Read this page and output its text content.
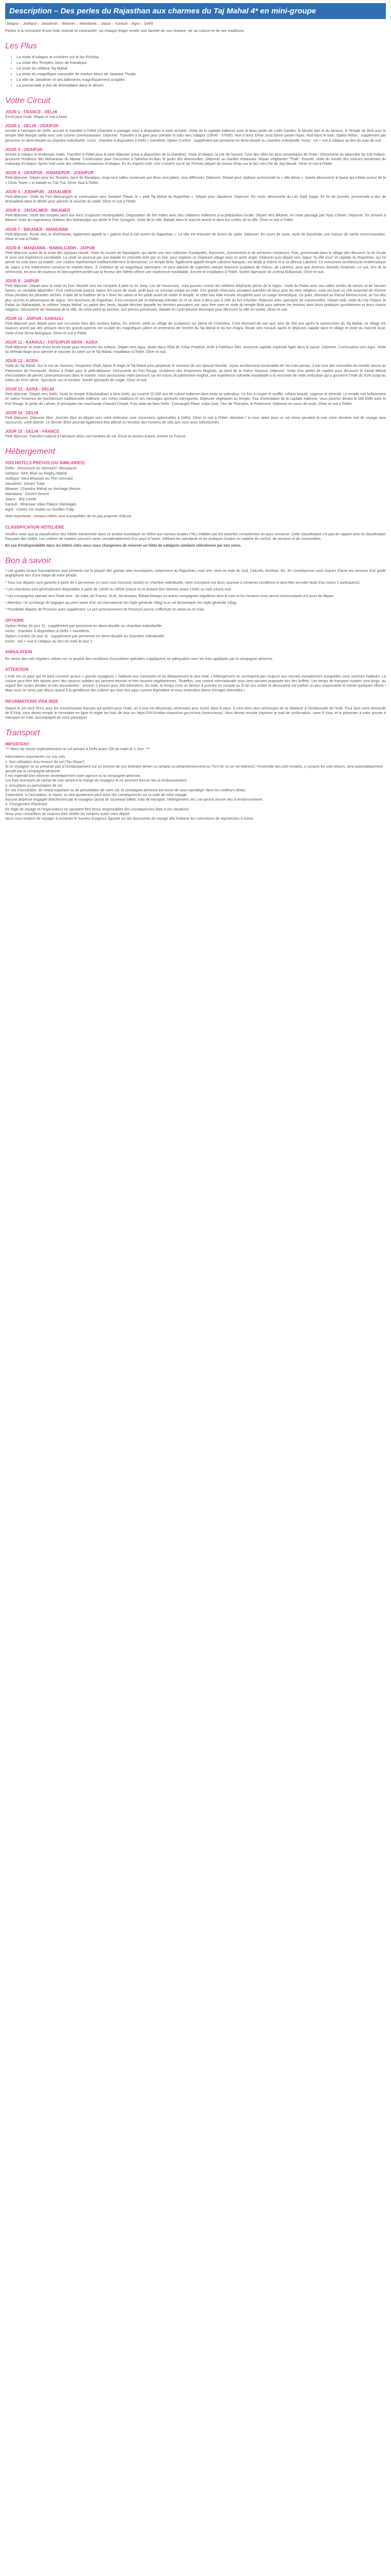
Description – Des perles du Rajasthan aux charmes du Taj Mahal 4* en mini-groupe
Udaipur – Jodhpur – Jaisalmer – Bikaner – Mandawa – Jaipur – Karauli – Agra – Delhi
Partez à la rencontre d'une Inde vivante et contrastée, où chaque étape révèle une facette de son histoire, de sa culture et de ses traditions.
Les Plus
• La visite d'Udaipur et croisière sur le lac Pichola
• La visite des Temples Jains de Ranakpur
• La visite du célèbre Taj Mahal
• La visite du magnifique mausolée de marbre blanc de Jaswant Thada
• La ville de Jaisalmer et ses bâtiments magnifiquement sculptés
• La promenade à dos de dromadaire dans le désert
Votre Circuit
JOUR 1 : FRANCE - DELHI
Envol pour l'Inde. Repas et nuit à bord.
JOUR 2 : DELHI - UDAIPUR
Arrivée à l'aéroport de Delhi, accueil et transfert à l'hôtel (chambre à partager mise à disposition à votre arrivée). Visite de la capitale indienne avec le beau jardin de Lodhi Garden, le Mosée dart et du fameux, le Temple de Birla puis le temple Sikh Bangla sahib avec une cuisine communautaire. Déjeuner. Transfert à la gare pour prendre le train vers Udaipur (19h40 - 07h05). Nuit à bord. Dîner sous forme panier-repas. Nuit dans le train. Option Relax : supplément par personne en demi-double ou chambre individuelle. Inclut : chambre à disposition à Delhi + transferts. Option Confort : supplément par personne en demi-double ou chambre individuelle. Inclut : vol + nuit à Udaipur au lieu du train de nuit.
JOUR 3 : UDAIPUR
Arrivée à Udaipur le lendemain matin. Transfert à l'hôtel pour le petit-déjeuner (mise à disposition de la chambre). Visite d'Udaipur, la cité de l'aurore, l'une des villes les plus romantiques de l'Inde ! Découverte du labyrinthe du City Palace, ancienne résidence des Maharanas du Mewar. Continuation pour l'excursion à Sahelion-Ki-Bari, le jardin des demoiselles. Déjeuner au Garden restaurant. Repas Végétarien "Thali". Ensuite, visite du musée des voitures anciennes du maharaja d'Udaipur. Après-midi visite des célèbres miniatures d'Udaipur. En fin d'après-midi, mini croisière sur le lac Pichola (départ du niveau d'eau sur le lac) vers l'île de Jag Mandir. Dîner et nuit à l'hôtel.
JOUR 4 : UDAIPUR - RANAKPUR - JODHPUR
Petit-déjeuner. Départ pour les Temples Jains de Ranakpur, vingt-neuf salles soutenues par deux cent piliers, tous différents. Déjeuner. Départ pour Jodhpur surnommée la « ville bleue ». Soirée découverte le bazar qui s'étale autour de la « Clock Tower » et balade en Tuk-Tuk. Dîner. Nuit à l'hôtel.
JOUR 5 : JODHPUR - JAISALMER
Petit-déjeuner. Visite du Fort Mehrangarh et continuation vers Jaswant Thada, le « petit Taj Mahal du Rajasthan ». Départ pour Jaisalmer. Déjeuner. En route, découverte du Lac Gadi Sagar. En fin de journée, promenade à dos de dromadaire dans le désert pour admirer le coucher du soleil. Dîner et nuit à l'hôtel.
JOUR 6 : JAISALMER - BIKANER
Petit-déjeuner. Visite des temples jains aux lions sculptures remarquables. Dégustation de thé Indien avec des collations indiennes à la préparation locale. Départ vers Bikaner, en route passage par Vyas Chhatri. Déjeuner. En arrivant à Bikaner visite du majestueux château des Maharadjas qui abrite le Fort Junagarh. Visite de la ville. Balade dans le marché animé et dans les ruelles de la ville. Dîner et nuit à l'hôtel.
JOUR 7 : BIKANER - MANDAWA
Petit-déjeuner. Route vers la Shekhawati, également appelé la « galerie d'art à ciel ouvert du Rajasthan ». La ville est entourée de dunes de sable. Déjeuner. En cours de route, visite de Gaushala, une maison de vache communautaire. Dîner et nuit à l'hôtel.
JOUR 8 : MANDAWA - NAWALGARH - JAIPUR
Petit-déjeuner avant de la visite des typiques Haveli. Visite du musée de Nawalgarh, qui abrite une rare collection d'antiquités, d'armures, d'ornements et de peintures miniatures. Puis, promenade dans le village afin découvrir la vie locale et vivre une expérience inoubliable. La visite se poursuit par une balade en charrette tirée par un âne, pour explorer ce charmant village sous un autre angle. Déjeuner puis départ vers Jaipur "la ville rose" et capitale du Rajasthan, qui fut peinte en rose dans sa totalité, une couleur représentant traditionnellement la bienvenue. Le temple Birla, également appelé temple Lakshmi Narayan, est dédié à Vishnu et à sa déesse Lakshmi. Ce monument architectural emblématique de Jaipur a été entièrement construit en marbre blanc. À l'intérieur de ce magnifique sanctuaire, on peut admirer de superbes statues finement sculptées de Vishnu, de Lakshmi, ainsi que diverses divinités hindoues. Le soir, lors de la cérémonie, les jeux de couleurs et l'atmosphère portée par la ferveur des fidèles offrent une expérience inoubliable. Arrivée et installation à l'hôtel. Soirée Spectacle de cinéma Bollywood. Dîner et nuit.
JOUR 9 : JAIPUR
Petit déjeuner. Départ pour la visite du Fort. Montée vers les remparts à pied ou en Jeep. Les de l'ascension, vous pourrez croiser les célèbres éléphants peints de la région. Visite du Palais avec ses salles serties de miroirs et de l'ancien harem, un véritable labyrinthe ! Puis redescente jusqu'à Jaipur. En cours de route, arrêt pour un concept unique en Inde. Ces grands réservoirs servaient autrefois de lieux pour les rites religieux, mais ont joué un rôle essentiel de réserve d'eau pendant les périodes sèches. Il date de la tradition de la « lever les saints et les poids avant de visiter le temple, et cette eau était ensuite récupérée pour un usage domestique. Ce puits, étonnant au Panna Meena Kund, se l'un des plus secrets et pittoresques de Jaipur. Ses bouchons de Rajasthan, il est construit par le Maharaja d'Amber en et se situe à deux pas à côté du fort d'Amber. Déjeuner avec spectacle de marionnettes. Départ midi, visite du City Palace, le Palais du Maharadjah, le célèbre "Hawa Mahal" ou palais des Vents, façade décrites laquelle les femmes pouvaient voir sans être vues et visite du temple Birla pour admirer les festives dans leurs pratiques quotidiennes et leurs chants religieux. Découverte de l'artisanat de la ville, du coton peint au pochoir, aux pierres précieuses. Balade en cyclo-pousse électrique pour découvrir la ville en soirée. Dîner et nuit.
JOUR 10 : JAIPUR - KARAULI
Petit-déjeuner puis départ pour une excursion hors des sentiers battus. En chemin, arrêt au village de sculpteurs sur pierre de Chandera. C'est étonnant de voir que, plus de 350 ans après la construction du Taj Mahal, ce village est toujours animé par des artisans dont les grands-parents ont sculpté les magnifiques piliers et ornements de l'entrée du Taj Mahal et du fort d'Agra. Route vers Karauli. Après le déjeuner, balade dans le village et visite du marché local. Visite d'une ferme biologique. Dîner et nuit à l'hôtel.
JOUR 11 : KARAULI - FATEHPUR SIKRI - AGRA
Petit-déjeuner et visite d'une école locale pour rencontrer les enfants. Départ vers Agra, située dans l'État de l'Uttar Pradesh. Arrêt à Fatehpur Sikri, ancienne capitale impériale figée dans le passé. Déjeuner. Continuation vers Agra. Visite du Mehtab Bagh pour admirer le coucher du soleil sur le Taj Mahal. Installation à l'hôtel. Dîner et nuit.
JOUR 12 : AGRA
Visite du Taj Mahal. Sur la rive du Yamuna, l'empereur Shah Jahan fit ériger le Taj Mahal pour perpétuer le souvenir de son épouse favorite. Joyau architectural inestimable de l'art indo-persan, il est l'une des merveilles du monde classé au Patrimoine de l'Humanité. Retour à l'hôtel pour le petit-déjeuner. Découverte du Fort Rouge, résidence des Empereurs Moghols, au bord de la rivière Yamuna. Déjeuner. Visite d'un atelier de marbre pour découvrir le travail délicat d'incrustation de pierres semi-précieuses dans le marbre. Vous poursuivrez votre parcours sur les traces du patrimoine moghol, une expérience culturelle inoubliable à la rencontre de cette civilisation qui a gouverné l'Inde du XVIe jusqu'au milieu du XIXe siècle. Spectacle son et lumière. Soirée spectacle de magie. Dîner et nuit.
JOUR 13 : AGRA - DELHI
Petit déjeuner. Départ vers Delhi. Visite du temple d'Akshardham à New Delhi, qui incarne 10 000 ans de culture indienne dans toute sa splendeur. Un lieu à couper le souffle, mêlant beauté, sagesse et sérénité. Le temple met brillamment en valeur l'essence de l'architecture traditionnelle indienne, ses riches traditions et ses messages spirituels intemporels. Déjeuner végétarien au temple. Tour d'orientation de la capitale indienne. Vous pourrez devant le Old Delhi avec le Fort Rouge, le jardin de Lahore, le principale rue marchande Chandni Chowk. Puis visite de New Delhi : Connaught Place, India Gate, l'Arc de Triomphe, le Parlement. Déjeuner en cours de route. Dîner et nuit à l'hôtel.
JOUR 14 : DELHI
Petit déjeuner. Déjeuner libre. Journée libre ou départ vers votre extension (voir excursions optionnelles à Delhi). Dîner et nuit à l'hôtel. Attention ! si vous optez pour un vol retour pendant la nuit, votre dernière nuit de voyage sera raccourcie, votre attente. Le dernier dîner pourrait également être affecté en fonction des horaires de vols que vous avez sélectionnés.
JOUR 15 : DELHI - FRANCE
Petit déjeuner. Transfert matinal à l'aéroport selon vos horaires de vol. Envol et service à bord. Arrivée en France.
Hébergement
VOS HOTELS PRÉVUS (OU SIMILAIRES)
Delhi : Devonture ou Hemeji37 (Boutique)
Udaipur: SKK Blue ou Raghu Mahal
Jodhpur: Devi Bhawan ou The Ummaid
Jaisalmer: Desert Tulip
Bikaner: Chandra Mahal ou Heritage Resort
Mandawa : Desert Resort
Jaipur : Brij Castle
Karauli : Bhanwar Vilas Palace (Heritage)
Agra : Clarks Inn Suites ou Golden Tulip
Note importante : certains hôtels sont susceptibles de ne pas proposer d'alcool.
CLASSIFICATION HÔTELIÈRE
Veuillez noter que la classification des hôtels mentionnée dans ce produit touristique se réfère aux normes locales (*NL) établies par les autorités compétentes du pays concerné. Cette classification n'a pas de rapport avec la classification française des hôtels. Les critères de notation peuvent varier considérablement d'un pays à l'autre, reflétant les standards et les pratiques locales en matière de confort, de services et de commodités.
En cas d'indisponibilité dans les hôtels cités nous nous chargerons de réserver un hôtel de catégorie similaire sélectionné par nos soins.
Bon à savoir
* Les guides locaux francophones sont présents sur la plupart des grands sites touristiques, notamment au Rajasthan, mais très rares en Inde du Sud, Calcutta, Amritsar, etc. En conséquence vous risquez d'avoir les services d'un guide anglophone lors d'une étape de votre périple.
* Tous nos départs sont garantis à partir de 2 personnes (si vous vous inscrivez seul(e) en chambre individuelle, votre inscription est donc soumise à certaines conditions et peut être annulée faute d'au moins 2 participants).
* Les chambres sont généralement disponibles à partir de 14h00 ou 15h00 (check in) et doivent être libérées avant 11h00 ou midi (check out).
* Les compagnies opérant vers l'Inde sont : Air India, Air France, KLM, Jet Airways, Etihad Airways ou autres compagnies régulières dont le nom et les horaires vous seront communiqués à 8 jours du départ.
* Attention ! le surcharge de bagages qui peut varier d'un vol international (en règle générale 20kg) à un vol domestique (en règle générale 15kg).
* Possibilité départs de Province avec supplément. Le pré-acheminement de Province pourra s'effectuer en avion ou en train.
OPTIONS
Option Relax (le jour 2) : supplément par personne en demi-double ou chambre individuelle
Inclut : chambre à disposition à Delhi + transferts.
Option Confort (le jour 2) : supplément par personne en demi-double ou chambre individuelle
Inclut : vol + nuit à Udaipur au lieu du train le jour 2.
ANNULATION
En raison des vols réguliers utilisés sur ce produit des conditions d'annulation spéciales s'appliquent, en adéquation avec les frais appliqués par la compagnie aérienne.
ATTENTION
L'Inde est un pays qui ne peut convenir qu'aux « grands voyageurs » habitués aux contrastes et au dépaysement le plus total. L'hébergement ne correspond pas toujours aux normes européennes auxquelles nous sommes habitués. La cuisine peut être très épicée avec des saveurs subtiles qui peuvent étonner et très souvent végétariennes. Toutefois, une cuisine internationale vous sera souvent proposée lors des buffets. Les temps de transport routiers sont longs, au regard des routes étroites et très encombrées : environ 3 heures pour 200 kilomètres. En Inde, le temps n'est un facteur à prendre en compte au fil de vos visites et découverte est parfois un peu surprenante et mérite quelques efforts ! Mais vous ne serez pas déçus quand à la gentillesse des indiens qui mise leur pays comme légendaire et vous reviendrez pleins d'images éternelles !
INFORMATIONS VISA INDE
Depuis le 1er Avril 2015, pour les ressortissants français qui partent pour l'Inde, un e-visa est désormais nécessaire pour entrer dans le pays. Il n'est donc plus nécessaire de se déplacer à l'Ambassade de l'Inde. Pour faire votre demande de E'Visa, vous devez remplir le formulaire en ligne et régler les frais de visa sur https://XXX/indian-visaonline.gov.in/visa (Instructions). Vous devrez ensuite imprimer le mail de confirmation, votre E-Visa, et le présenter à votre arrivée à l'aéroport en Inde, accompagné de votre passeport.
Transport
IMPORTANT
*** Merci de choisir impérativement un vol arrivant à Delhi avant 10h du matin le 1 Jour. ***
Informations importantes sur vos vols
1. Non-utilisation d'un tronçon de vol ("No-Show")
Si un voyageur ne se présente pas à l'embarquement sur un tronçon de son itinéraire aérien (a compris un préacheminement ou TGV Air ou un vol intérieur), l'ensemble des vols restants, y compris les vols retours, sera automatiquement annulé par la compagnie aérienne.
Il est impératif d'en informer immédiatement notre agence ou la compagnie aérienne.
Les frais éventuels de rachat de vols seront à la charge du voyageur et ne pourront donner lieu à remboursement.
2. Annulation ou perturbation de vol
En cas d'annulation, de retard important ou de perturbation de votre vol, la compagnie aérienne est tenue de vous reprotéger dans les meilleurs délais.
Cependant, si l'annulation, le report, ou tout ajustement peut avoir des conséquences sur la suite de votre voyage.
Aucune dépense engagée directement par le voyageur (achat de nouveaux billets, frais de transport, hébergement, etc.) ne pourra donner lieu à remboursement.
3. Changement d'itinéraire
En règle de voyage et l'organisateur ne sauraient être tenus responsables des conséquences liées à ces situations.
Nous vous conseillons de toujours bien vérifier les horaires avant votre départ.
Nous vous invitons de voyager à contacter le numéro d'urgence figurant sur les documents de voyage afin d'obtenir les instructions de reprotection à suivre.
